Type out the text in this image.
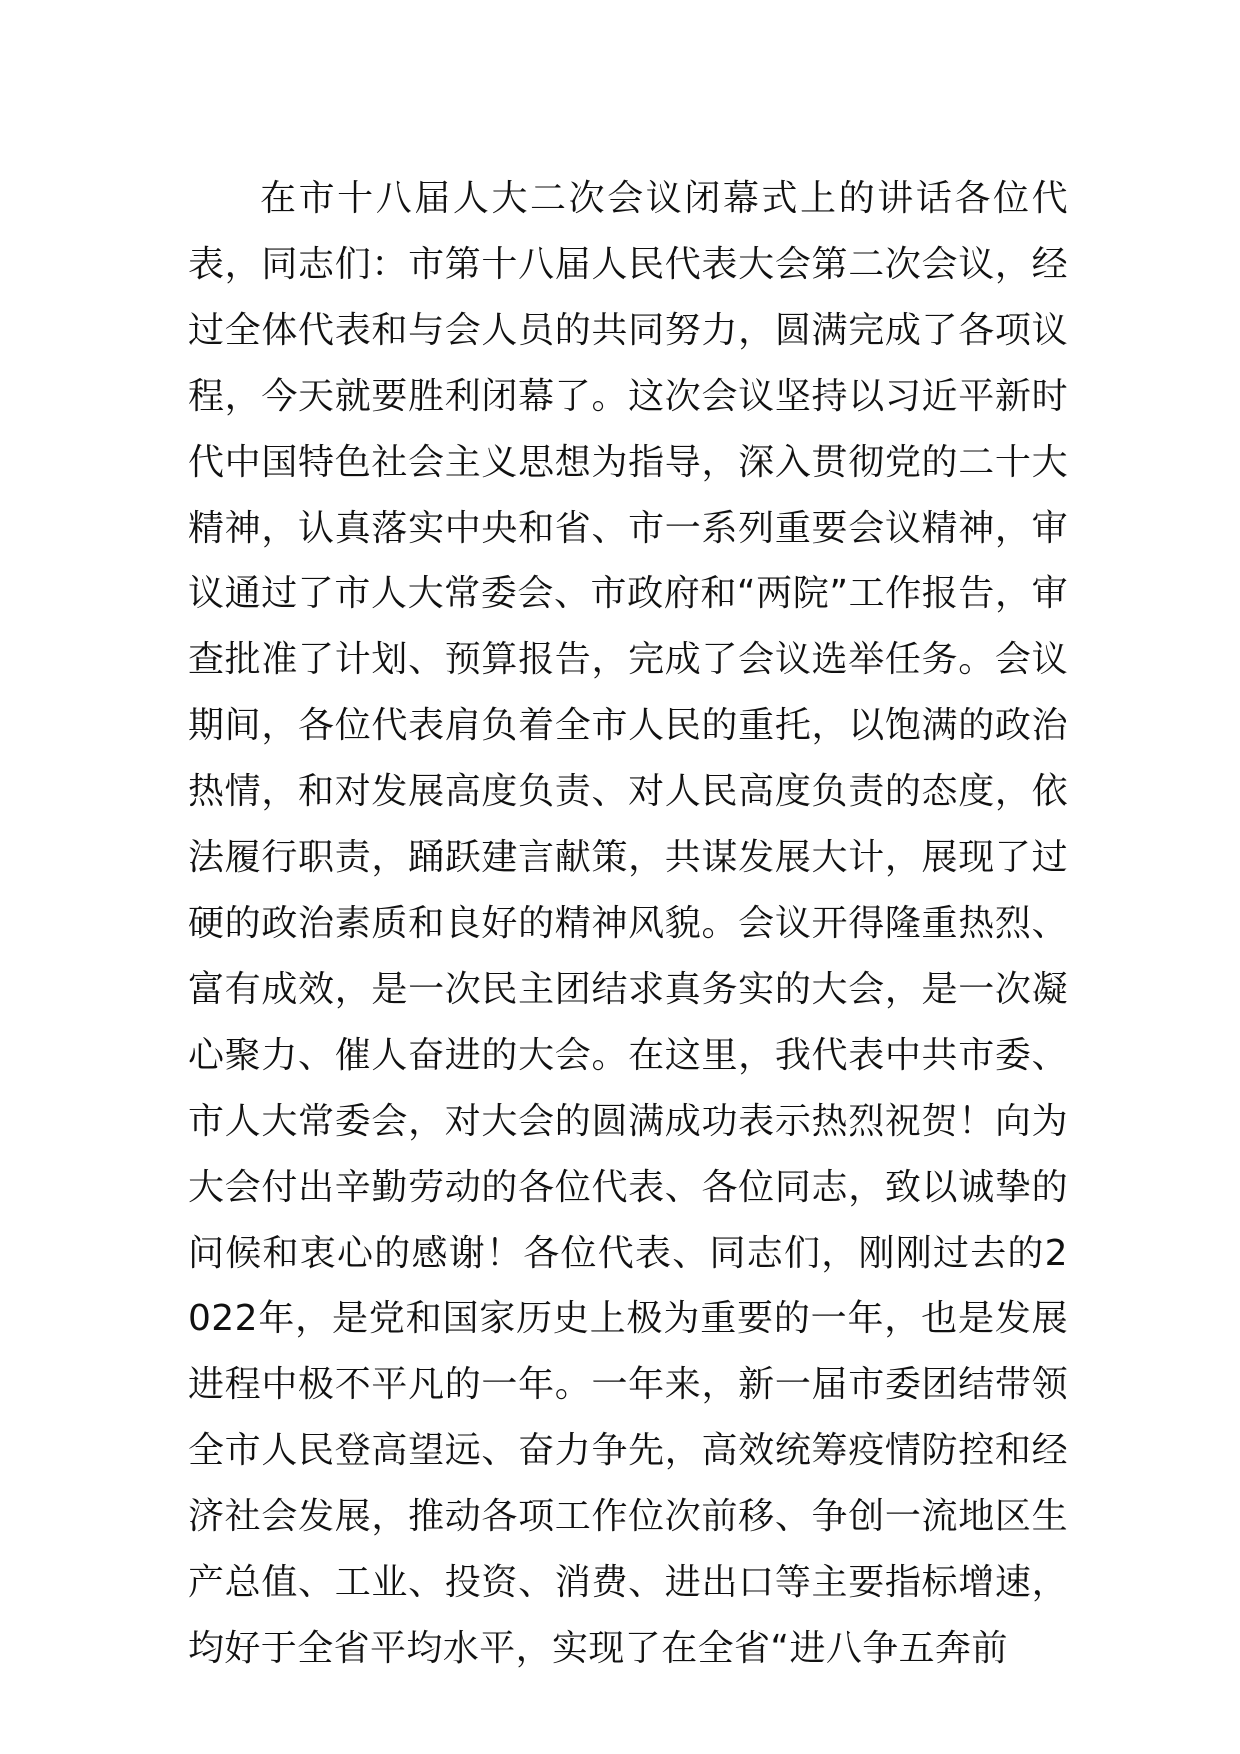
在市十八届人大二次会议闭幕式上的讲话各位代表，同志们：市第十八届人民代表大会第二次会议，经过全体代表和与会人员的共同努力，圆满完成了各项议程，今天就要胜利闭幕了。这次会议坚持以习近平新时代中国特色社会主义思想为指导，深入贯彻党的二十大精神，认真落实中央和省、市一系列重要会议精神，审议通过了市人大常委会、市政府和“两院”工作报告，审查批准了计划、预算报告，完成了会议选举任务。会议期间，各位代表肩负着全市人民的重托，以饱满的政治热情，和对发展高度负责、对人民高度负责的态度，依法履行职责，踊跃建言献策，共谋发展大计，展现了过硬的政治素质和良好的精神风貌。会议开得隆重热烈、富有成效，是一次民主团结求真务实的大会，是一次凝心聚力、催人奋进的大会。在这里，我代表中共市委、市人大常委会，对大会的圆满成功表示热烈祝贺！向为大会付出辛勤劳动的各位代表、各位同志，致以诚挚的问候和衷心的感谢！各位代表、同志们，刚刚过去的2022年，是党和国家历史上极为重要的一年，也是发展进程中极不平凡的一年。一年来，新一届市委团结带领全市人民登高望远、奋力争先，高效统筹疫情防控和经济社会发展，推动各项工作位次前移、争创一流地区生产总值、工业、投资、消费、进出口等主要指标增速，均好于全省平均水平，实现了在全省“进八争五奔前
